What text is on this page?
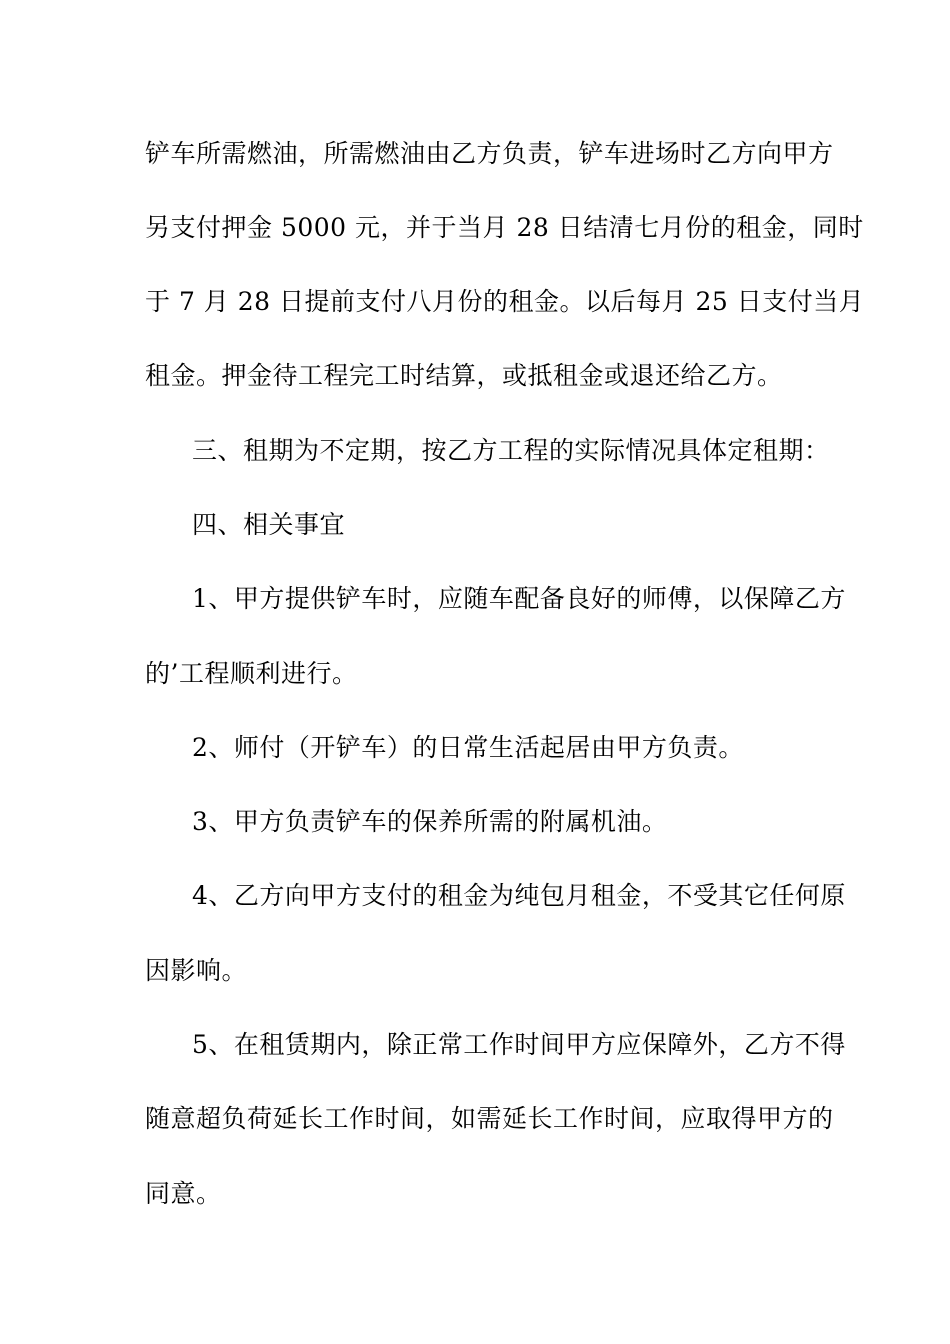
铲车所需燃油，所需燃油由乙方负责，铲车进场时乙方向甲方
另支付押金 5000 元，并于当月 28 日结清七月份的租金，同时
于 7 月 28 日提前支付八月份的租金。以后每月 25 日支付当月
租金。押金待工程完工时结算，或抵租金或退还给乙方。
三、租期为不定期，按乙方工程的实际情况具体定租期：
四、相关事宜
1、甲方提供铲车时，应随车配备良好的师傅，以保障乙方
的’工程顺利进行。
2、师付（开铲车）的日常生活起居由甲方负责。
3、甲方负责铲车的保养所需的附属机油。
4、乙方向甲方支付的租金为纯包月租金，不受其它任何原
因影响。
5、在租赁期内，除正常工作时间甲方应保障外，乙方不得
随意超负荷延长工作时间，如需延长工作时间，应取得甲方的
同意。
